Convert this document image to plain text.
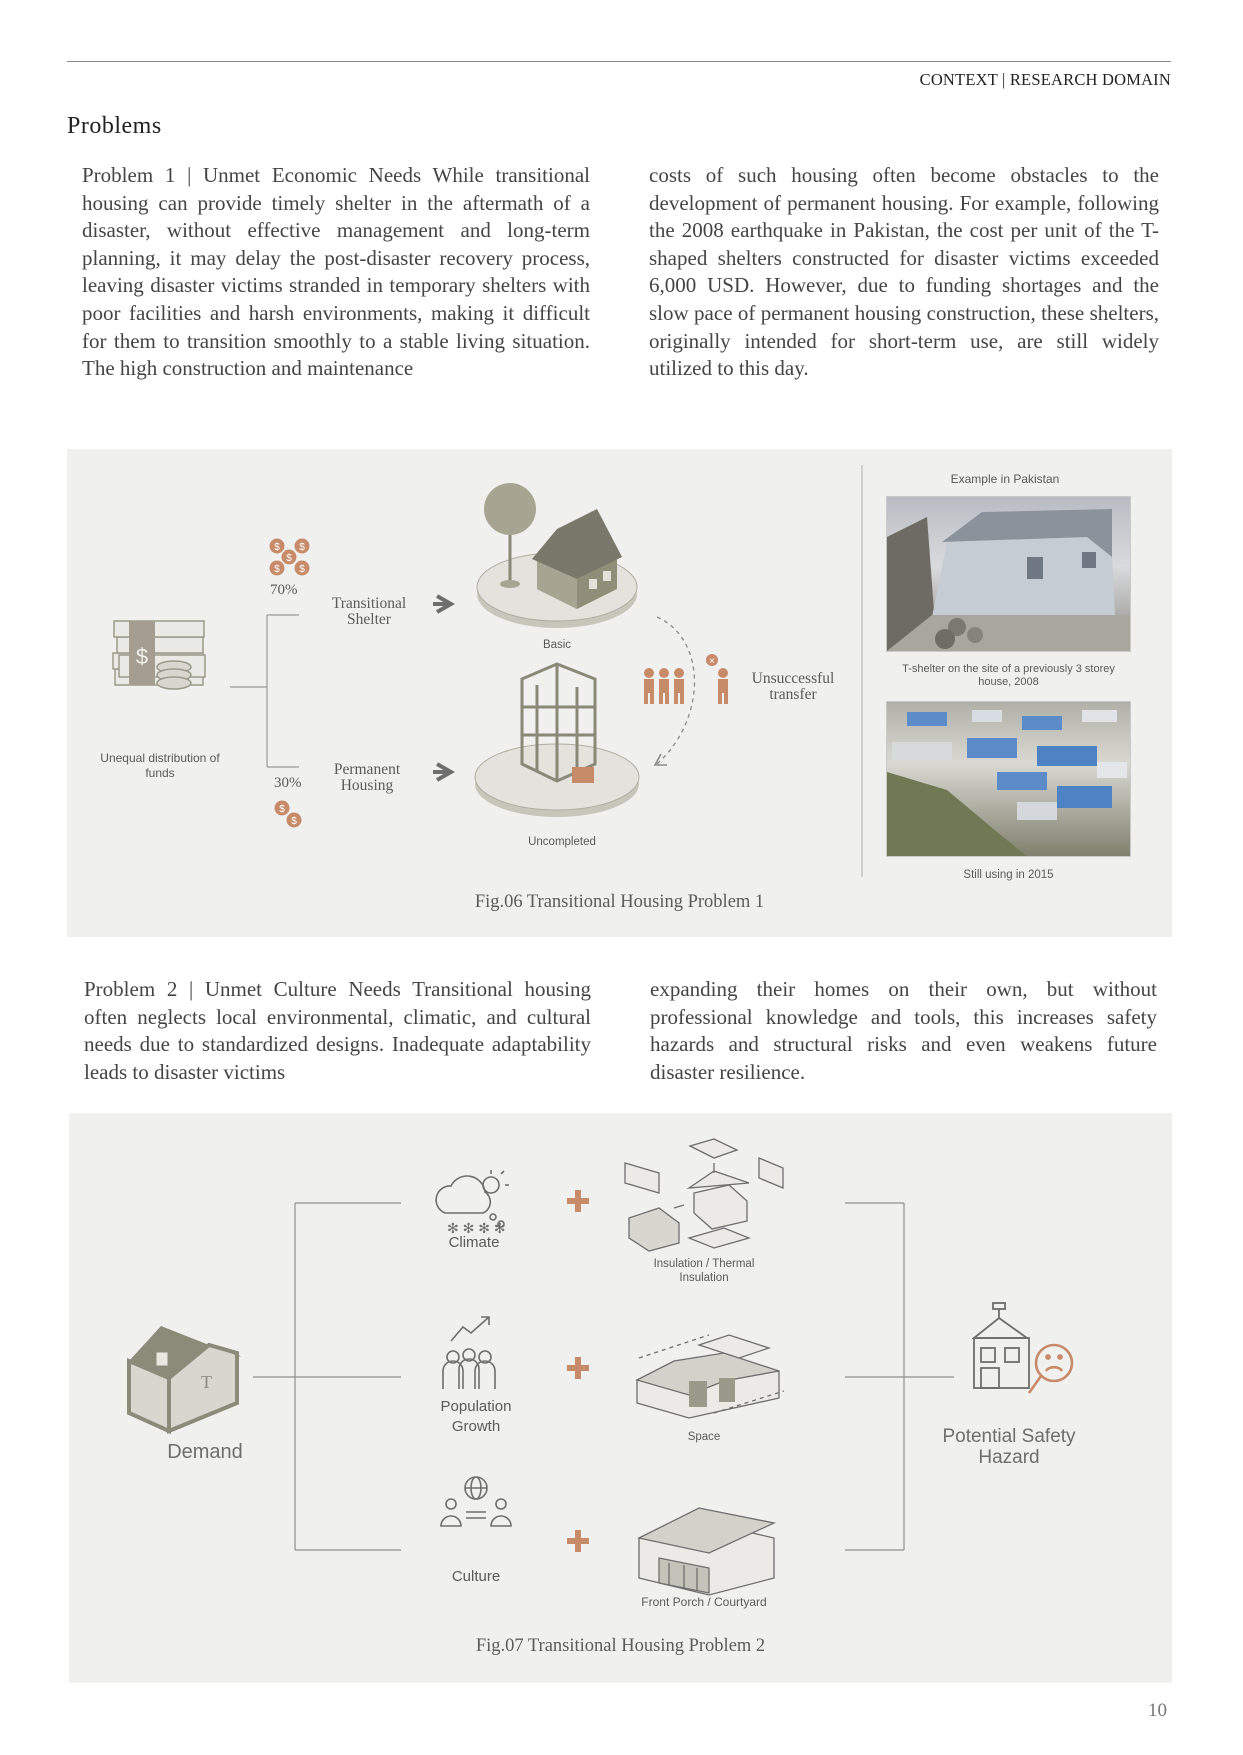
CONTEXT | RESEARCH DOMAIN
Problems
Problem 1 | Unmet Economic Needs While transitional housing can provide timely shelter in the aftermath of a disaster, without effective management and long-term planning, it may delay the post-disaster recovery process, leaving disaster victims stranded in temporary shelters with poor facilities and harsh environments, making it difficult for them to transition smoothly to a stable living situation. The high construction and maintenance
costs of such housing often become obstacles to the development of permanent housing. For example, following the 2008 earthquake in Pakistan, the cost per unit of the T-shaped shelters constructed for disaster victims exceeded 6,000 USD. However, due to funding shortages and the slow pace of permanent housing construction, these shelters, originally intended for short-term use, are still widely utilized to this day.
$
$ $
$
$ $
$
$
×
Unequal distribution of funds
70%
30%
Transitional Shelter
Permanent Housing
Basic
Uncompleted
Unsuccessful transfer
Example in Pakistan
T-shelter on the site of a previously 3 storey house, 2008
Still using in 2015
Fig.06 Transitional Housing Problem 1
Problem 2 | Unmet Culture Needs Transitional housing often neglects local environmental, climatic, and cultural needs due to standardized designs. Inadequate adaptability leads to disaster victims
expanding their homes on their own, but without professional knowledge and tools, this increases safety hazards and structural risks and even weakens future disaster resilience.
T
✻ ✻ ✻ ✻
Demand
Climate
Population Growth
Culture
Insulation / Thermal Insulation
Space
Front Porch / Courtyard
Potential Safety Hazard
Fig.07 Transitional Housing Problem 2
10
